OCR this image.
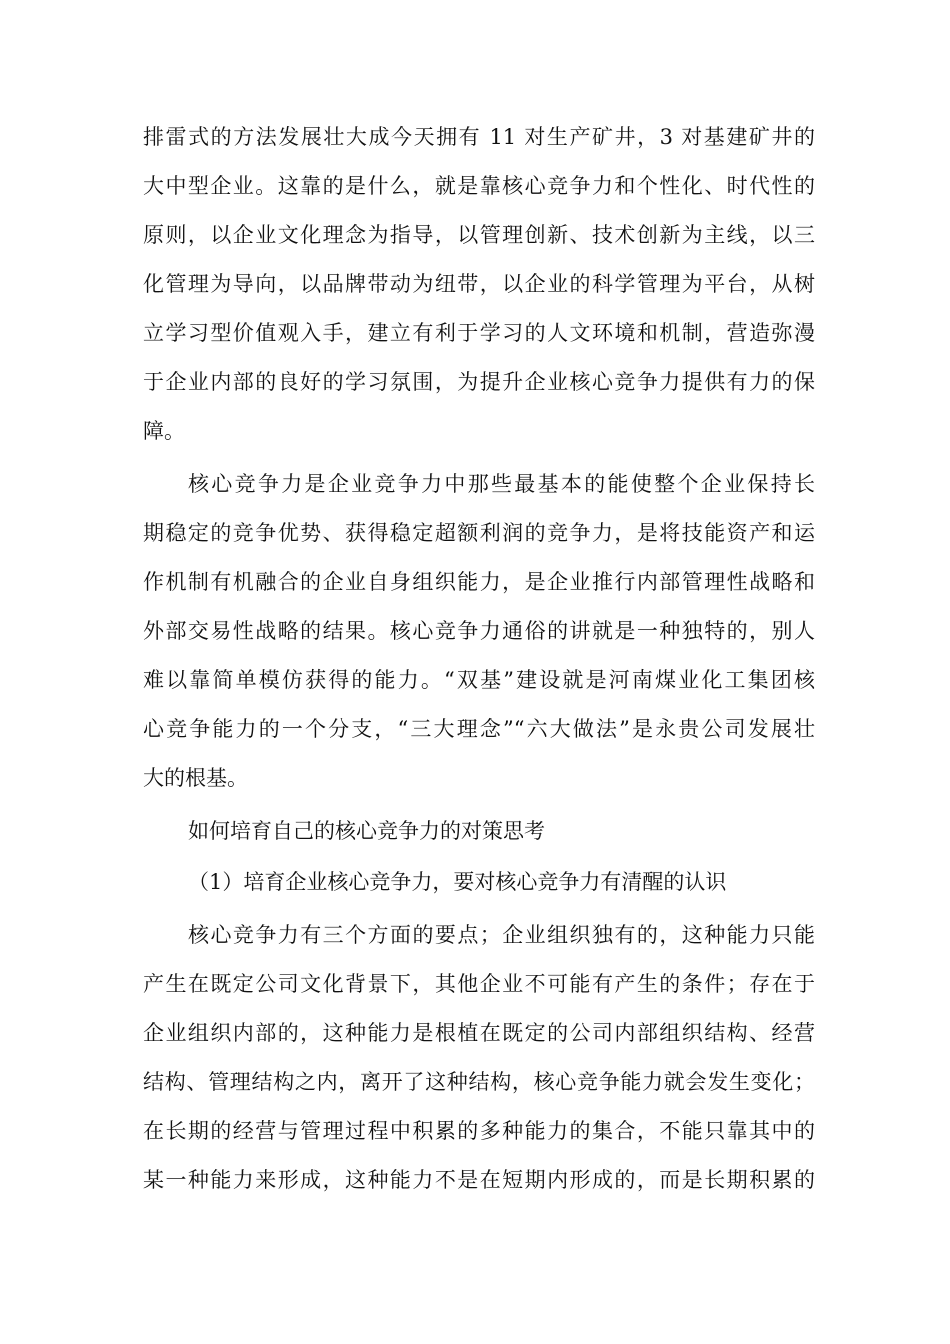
排雷式的方法发展壮大成今天拥有 11 对生产矿井，3 对基建矿井的
大中型企业。这靠的是什么，就是靠核心竞争力和个性化、时代性的
原则，以企业文化理念为指导，以管理创新、技术创新为主线，以三
化管理为导向，以品牌带动为纽带，以企业的科学管理为平台，从树
立学习型价值观入手，建立有利于学习的人文环境和机制，营造弥漫
于企业内部的良好的学习氛围，为提升企业核心竞争力提供有力的保
障。
核心竞争力是企业竞争力中那些最基本的能使整个企业保持长
期稳定的竞争优势、获得稳定超额利润的竞争力，是将技能资产和运
作机制有机融合的企业自身组织能力，是企业推行内部管理性战略和
外部交易性战略的结果。核心竞争力通俗的讲就是一种独特的，别人
难以靠简单模仿获得的能力。“双基”建设就是河南煤业化工集团核
心竞争能力的一个分支，“三大理念”“六大做法”是永贵公司发展壮
大的根基。
如何培育自己的核心竞争力的对策思考
（1）培育企业核心竞争力，要对核心竞争力有清醒的认识
核心竞争力有三个方面的要点；企业组织独有的，这种能力只能
产生在既定公司文化背景下，其他企业不可能有产生的条件；存在于
企业组织内部的，这种能力是根植在既定的公司内部组织结构、经营
结构、管理结构之内，离开了这种结构，核心竞争能力就会发生变化；
在长期的经营与管理过程中积累的多种能力的集合，不能只靠其中的
某一种能力来形成，这种能力不是在短期内形成的，而是长期积累的
